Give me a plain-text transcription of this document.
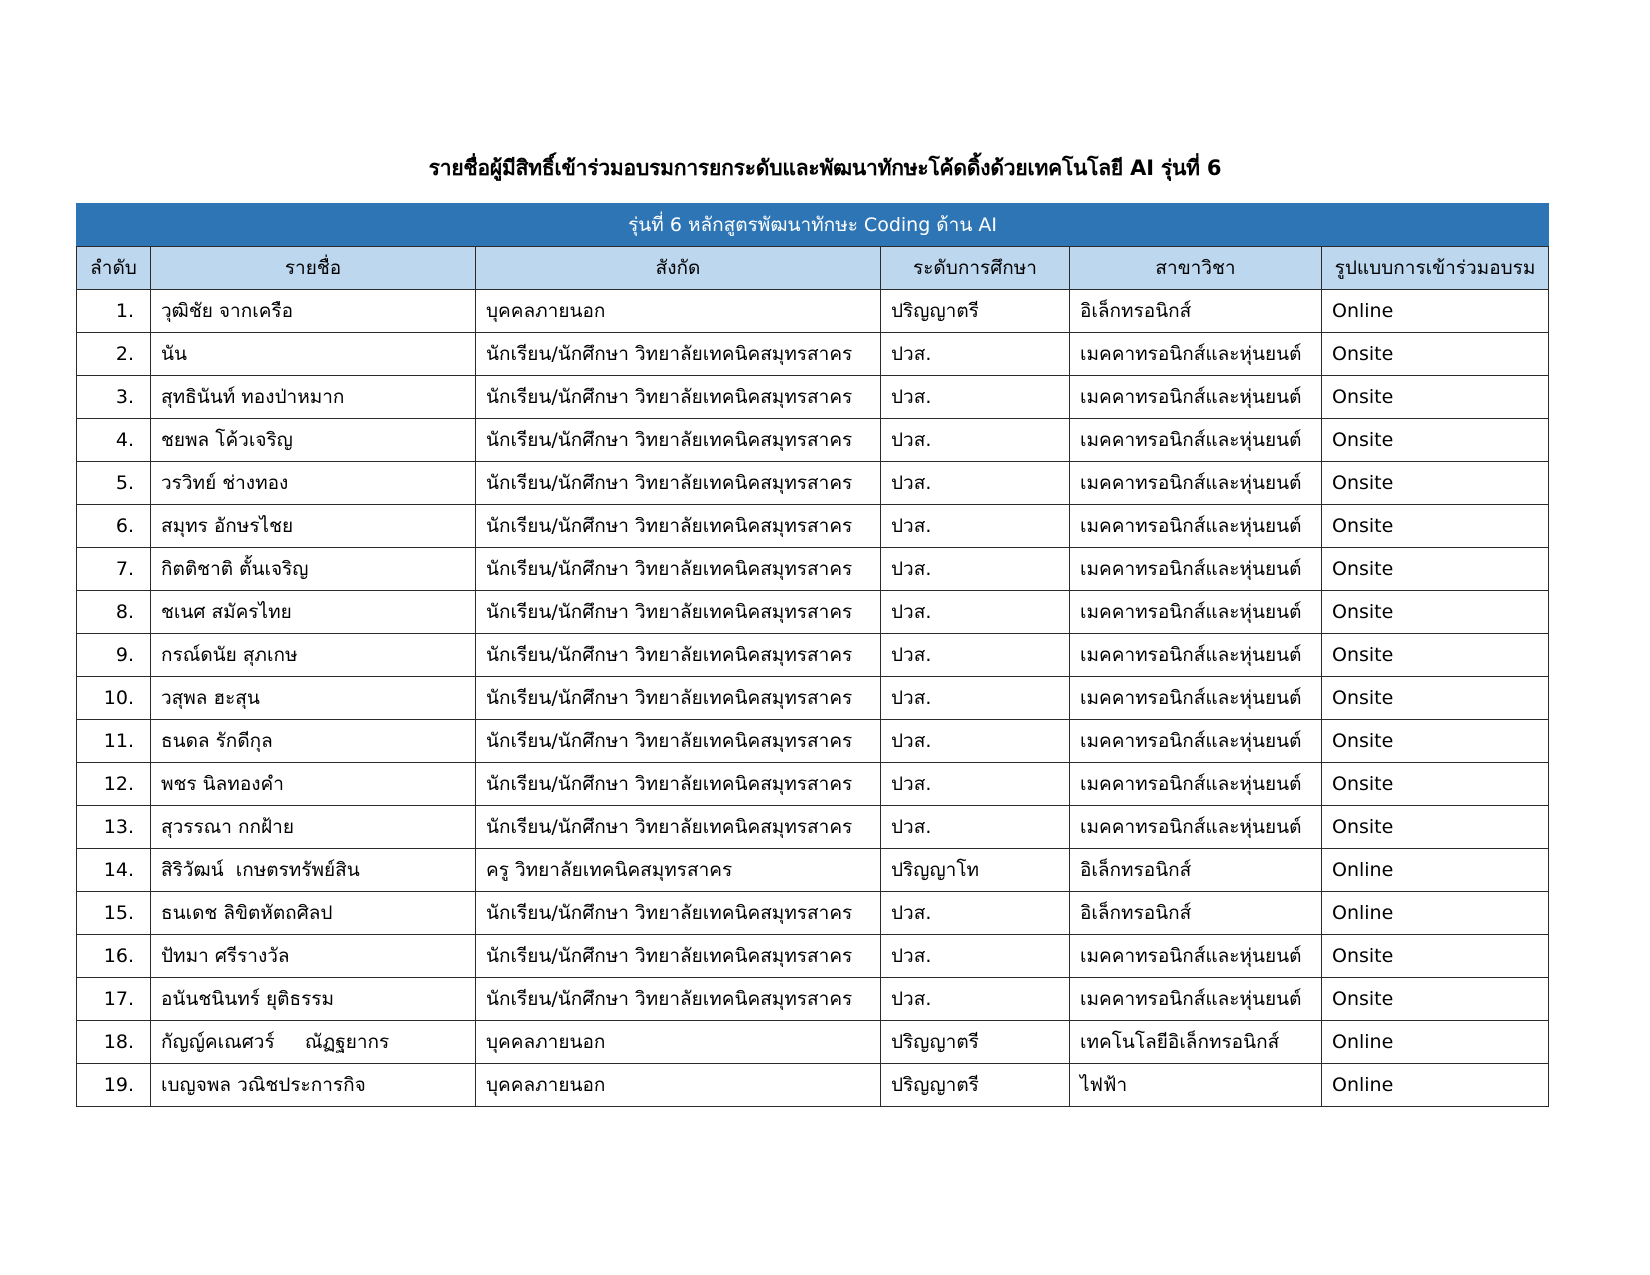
รายชื่อผู้มีสิทธิ์เข้าร่วมอบรมการยกระดับและพัฒนาทักษะโค้ดดิ้งด้วยเทคโนโลยี AI รุ่นที่ 6
รุ่นที่ 6 หลักสูตรพัฒนาทักษะ Coding ด้าน AI					
ลำดับ	รายชื่อ	สังกัด	ระดับการศึกษา	สาขาวิชา	รูปแบบการเข้าร่วมอบรม
1.	วุฒิชัย จากเครือ	บุคคลภายนอก	ปริญญาตรี	อิเล็กทรอนิกส์	Online
2.	นัน	นักเรียน/นักศึกษา วิทยาลัยเทคนิคสมุทรสาคร	ปวส.	เมคคาทรอนิกส์และหุ่นยนต์	Onsite
3.	สุทธินันท์ ทองป่าหมาก	นักเรียน/นักศึกษา วิทยาลัยเทคนิคสมุทรสาคร	ปวส.	เมคคาทรอนิกส์และหุ่นยนต์	Onsite
4.	ชยพล โค้วเจริญ	นักเรียน/นักศึกษา วิทยาลัยเทคนิคสมุทรสาคร	ปวส.	เมคคาทรอนิกส์และหุ่นยนต์	Onsite
5.	วรวิทย์ ช่างทอง	นักเรียน/นักศึกษา วิทยาลัยเทคนิคสมุทรสาคร	ปวส.	เมคคาทรอนิกส์และหุ่นยนต์	Onsite
6.	สมุทร อักษรไชย	นักเรียน/นักศึกษา วิทยาลัยเทคนิคสมุทรสาคร	ปวส.	เมคคาทรอนิกส์และหุ่นยนต์	Onsite
7.	กิตติชาติ ตั้นเจริญ	นักเรียน/นักศึกษา วิทยาลัยเทคนิคสมุทรสาคร	ปวส.	เมคคาทรอนิกส์และหุ่นยนต์	Onsite
8.	ชเนศ สมัครไทย	นักเรียน/นักศึกษา วิทยาลัยเทคนิคสมุทรสาคร	ปวส.	เมคคาทรอนิกส์และหุ่นยนต์	Onsite
9.	กรณ์ดนัย สุภเกษ	นักเรียน/นักศึกษา วิทยาลัยเทคนิคสมุทรสาคร	ปวส.	เมคคาทรอนิกส์และหุ่นยนต์	Onsite
10.	วสุพล ฮะสุน	นักเรียน/นักศึกษา วิทยาลัยเทคนิคสมุทรสาคร	ปวส.	เมคคาทรอนิกส์และหุ่นยนต์	Onsite
11.	ธนดล รักดีกุล	นักเรียน/นักศึกษา วิทยาลัยเทคนิคสมุทรสาคร	ปวส.	เมคคาทรอนิกส์และหุ่นยนต์	Onsite
12.	พชร นิลทองคำ	นักเรียน/นักศึกษา วิทยาลัยเทคนิคสมุทรสาคร	ปวส.	เมคคาทรอนิกส์และหุ่นยนต์	Onsite
13.	สุวรรณา กกฝ้าย	นักเรียน/นักศึกษา วิทยาลัยเทคนิคสมุทรสาคร	ปวส.	เมคคาทรอนิกส์และหุ่นยนต์	Onsite
14.	สิริวัฒน์  เกษตรทรัพย์สิน	ครู วิทยาลัยเทคนิคสมุทรสาคร	ปริญญาโท	อิเล็กทรอนิกส์	Online
15.	ธนเดช ลิขิตหัตถศิลป	นักเรียน/นักศึกษา วิทยาลัยเทคนิคสมุทรสาคร	ปวส.	อิเล็กทรอนิกส์	Online
16.	ปัทมา ศรีรางวัล	นักเรียน/นักศึกษา วิทยาลัยเทคนิคสมุทรสาคร	ปวส.	เมคคาทรอนิกส์และหุ่นยนต์	Onsite
17.	อนันชนินทร์ ยุติธรรม	นักเรียน/นักศึกษา วิทยาลัยเทคนิคสมุทรสาคร	ปวส.	เมคคาทรอนิกส์และหุ่นยนต์	Onsite
18.	กัญญ์คเณศวร์     ณัฏฐยากร	บุคคลภายนอก	ปริญญาตรี	เทคโนโลยีอิเล็กทรอนิกส์	Online
19.	เบญจพล วณิชประการกิจ	บุคคลภายนอก	ปริญญาตรี	ไฟฟ้า	Online
